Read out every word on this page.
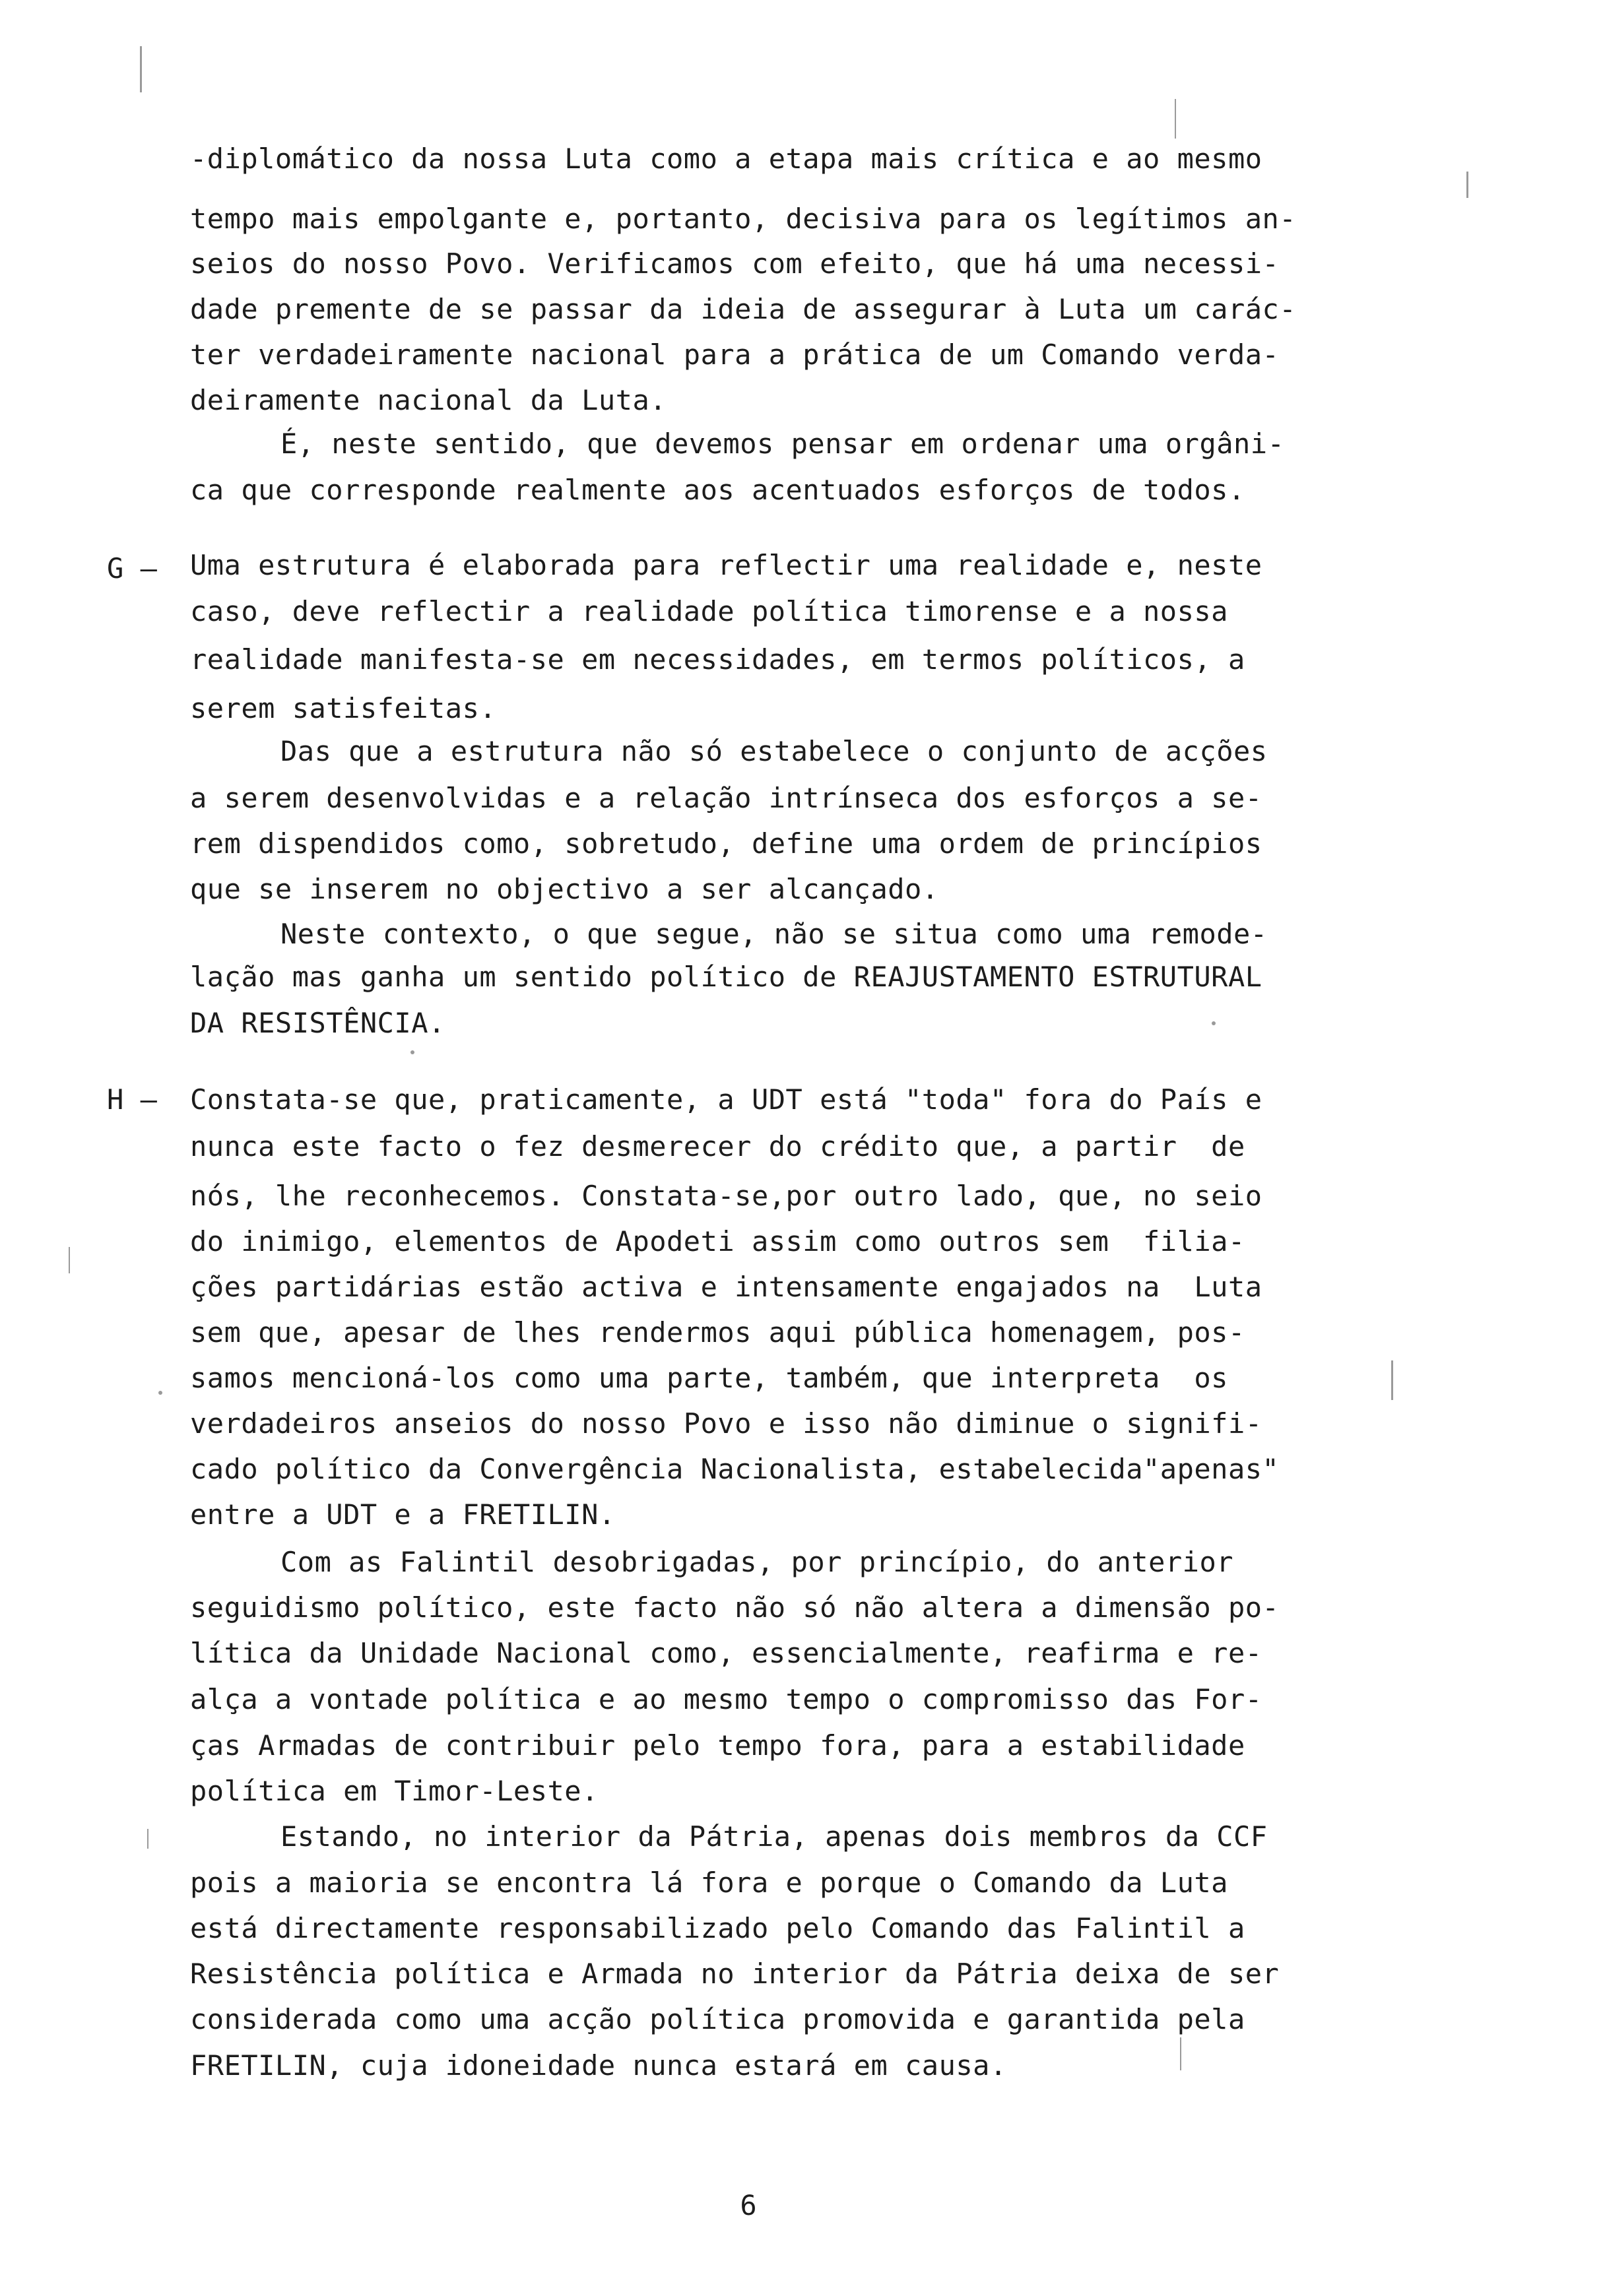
-diplomático da nossa Luta como a etapa mais crítica e ao mesmo
tempo mais empolgante e, portanto, decisiva para os legítimos an-
seios do nosso Povo. Verificamos com efeito, que há uma necessi-
dade premente de se passar da ideia de assegurar à Luta um carác-
ter verdadeiramente nacional para a prática de um Comando verda-
deiramente nacional da Luta.
É, neste sentido, que devemos pensar em ordenar uma orgâni-
ca que corresponde realmente aos acentuados esforços de todos.
G – Uma estrutura é elaborada para reflectir uma realidade e, neste
caso, deve reflectir a realidade política timorense e a nossa
realidade manifesta-se em necessidades, em termos políticos, a
serem satisfeitas.
Das que a estrutura não só estabelece o conjunto de acções
a serem desenvolvidas e a relação intrínseca dos esforços a se-
rem dispendidos como, sobretudo, define uma ordem de princípios
que se inserem no objectivo a ser alcançado.
Neste contexto, o que segue, não se situa como uma remode-
lação mas ganha um sentido político de REAJUSTAMENTO ESTRUTURAL
DA RESISTÊNCIA.
H – Constata-se que, praticamente, a UDT está "toda" fora do País e
nunca este facto o fez desmerecer do crédito que, a partir  de
nós, lhe reconhecemos. Constata-se,por outro lado, que, no seio
do inimigo, elementos de Apodeti assim como outros sem  filia-
ções partidárias estão activa e intensamente engajados na  Luta
sem que, apesar de lhes rendermos aqui pública homenagem, pos-
samos mencioná-los como uma parte, também, que interpreta  os
verdadeiros anseios do nosso Povo e isso não diminue o signifi-
cado político da Convergência Nacionalista, estabelecida"apenas"
entre a UDT e a FRETILIN.
Com as Falintil desobrigadas, por princípio, do anterior
seguidismo político, este facto não só não altera a dimensão po-
lítica da Unidade Nacional como, essencialmente, reafirma e re-
alça a vontade política e ao mesmo tempo o compromisso das For-
ças Armadas de contribuir pelo tempo fora, para a estabilidade
política em Timor-Leste.
Estando, no interior da Pátria, apenas dois membros da CCF
pois a maioria se encontra lá fora e porque o Comando da Luta
está directamente responsabilizado pelo Comando das Falintil a
Resistência política e Armada no interior da Pátria deixa de ser
considerada como uma acção política promovida e garantida pela
FRETILIN, cuja idoneidade nunca estará em causa.
6
